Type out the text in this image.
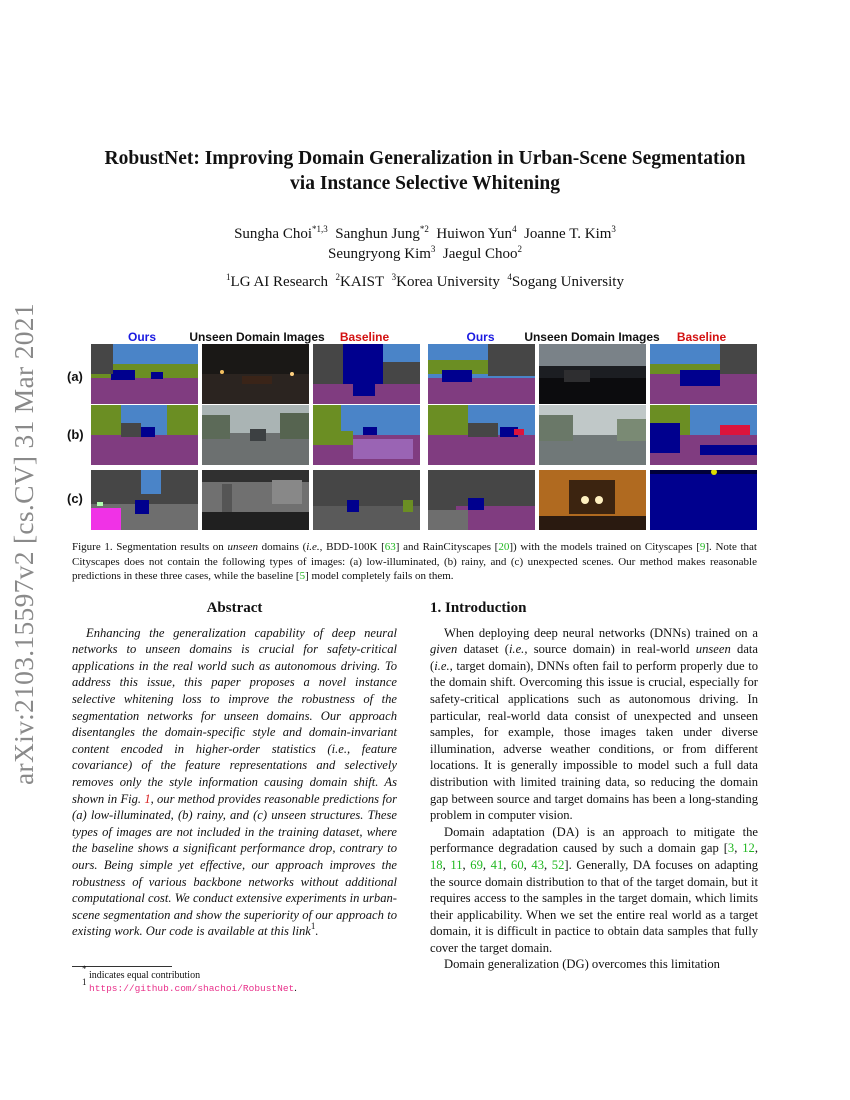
arXiv:2103.15597v2 [cs.CV] 31 Mar 2021
RobustNet: Improving Domain Generalization in Urban-Scene Segmentation
via Instance Selective Whitening
Sungha Choi$^{*1,3}$ Sanghun Jung$^{*2}$ Huiwon Yun$^4$ Joanne T. Kim$^3$
Seungryong Kim$^3$ Jaegul Choo$^2$
$^1$LG AI Research $^2$KAIST $^3$Korea University $^4$Sogang University
Ours	Unseen Domain Images	Baseline	Ours	Unseen Domain Images	Baseline
(a)
(b)
(c)
Figure 1. Segmentation results on unseen domains (i.e., BDD-100K [63] and RainCityscapes [20]) with the models trained on Cityscapes [9]. Note that Cityscapes does not contain the following types of images: (a) low-illuminated, (b) rainy, and (c) unexpected scenes. Our method makes reasonable predictions in these three cases, while the baseline [5] model completely fails on them.
Abstract

Enhancing the generalization capability of deep neural networks to unseen domains is crucial for safety-critical applications in the real world such as autonomous driving. To address this issue, this paper proposes a novel instance selective whitening loss to improve the robustness of the segmentation networks for unseen domains. Our approach disentangles the domain-specific style and domain-invariant content encoded in higher-order statistics (i.e., feature covariance) of the feature representations and selectively removes only the style information causing domain shift. As shown in Fig. 1, our method provides reasonable predictions for (a) low-illuminated, (b) rainy, and (c) unseen structures. These types of images are not included in the training dataset, where the baseline shows a significant performance drop, contrary to ours. Being simple yet effective, our approach improves the robustness of various backbone networks without additional computational cost. We conduct extensive experiments in urban-scene segmentation and show the superiority of our approach to existing work. Our code is available at this link$^1$.

* indicates equal contribution
$^1$ https://github.com/shachoi/RobustNet.
1. Introduction

When deploying deep neural networks (DNNs) trained on a given dataset (i.e., source domain) in real-world unseen data (i.e., target domain), DNNs often fail to perform properly due to the domain shift. Overcoming this issue is crucial, especially for safety-critical applications such as autonomous driving. In particular, real-world data consist of unexpected and unseen samples, for example, those images taken under diverse illumination, adverse weather conditions, or from different locations. It is generally impossible to model such a full data distribution with limited training data, so reducing the domain gap between source and target domains has been a long-standing problem in computer vision.

Domain adaptation (DA) is an approach to mitigate the performance degradation caused by such a domain gap [3, 12, 18, 11, 69, 41, 60, 43, 52]. Generally, DA focuses on adapting the source domain distribution to that of the target domain, but it requires access to the samples in the target domain, which limits their applicability. When we set the entire real world as a target domain, it is difficult in pactice to obtain data samples that fully cover the target domain.

Domain generalization (DG) overcomes this limitation
